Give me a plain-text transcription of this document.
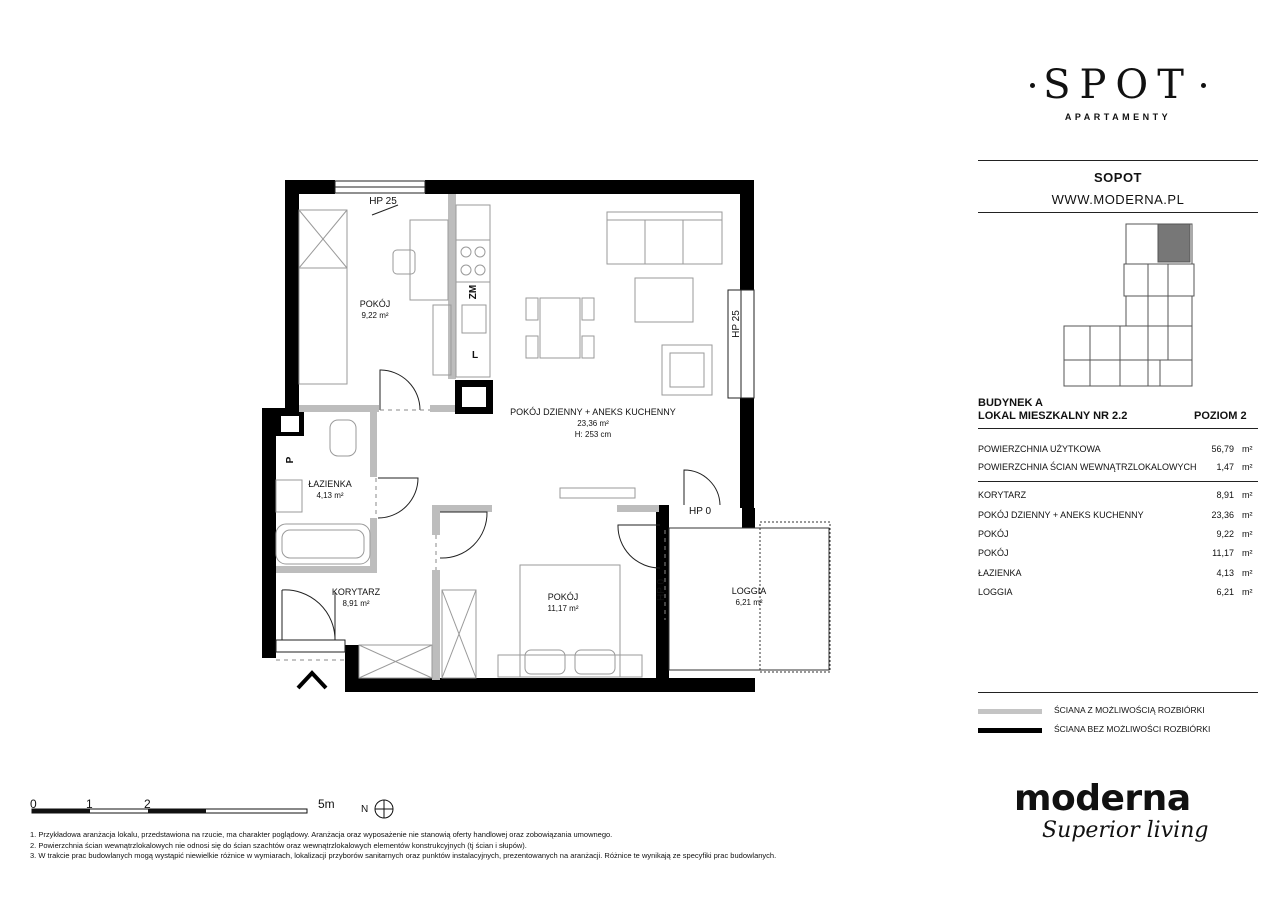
POKÓJ
9,22 m²
POKÓJ DZIENNY + ANEKS KUCHENNY
23,36 m²
H: 253 cm
ŁAZIENKA
4,13 m²
KORYTARZ
8,91 m²
POKÓJ
11,17 m²
LOGGIA
6,21 m²
HP 25
HP 25
HP 0
HP 0
ZM
L
P
N
0	1	2	5m
SPOT
APARTAMENTY
SOPOT
WWW.MODERNA.PL
BUDYNEK A
LOKAL MIESZKALNY NR 2.2	POZIOM 2
POWIERZCHNIA UŻYTKOWA	56,79 m²
POWIERZCHNIA ŚCIAN WEWNĄTRZLOKALOWYCH	1,47 m²
KORYTARZ	8,91 m²
POKÓJ DZIENNY + ANEKS KUCHENNY	23,36 m²
POKÓJ	9,22 m²
POKÓJ	11,17 m²
ŁAZIENKA	4,13 m²
LOGGIA	6,21 m²
ŚCIANA Z MOŻLIWOŚCIĄ ROZBIÓRKI
ŚCIANA BEZ MOŻLIWOŚCI ROZBIÓRKI
moderna
Superior living
1. Przykładowa aranżacja lokalu, przedstawiona na rzucie, ma charakter poglądowy. Aranżacja oraz wyposażenie nie stanowią oferty handlowej oraz zobowiązania umownego.
2. Powierzchnia ścian wewnątrzlokalowych nie odnosi się do ścian szachtów oraz wewnątrzlokalowych elementów konstrukcyjnych (tj ścian i słupów).
3. W trakcie prac budowlanych mogą wystąpić niewielkie różnice w wymiarach, lokalizacji przyborów sanitarnych oraz punktów instalacyjnych, prezentowanych na aranżacji. Różnice te wynikają ze specyfiki prac budowlanych.
